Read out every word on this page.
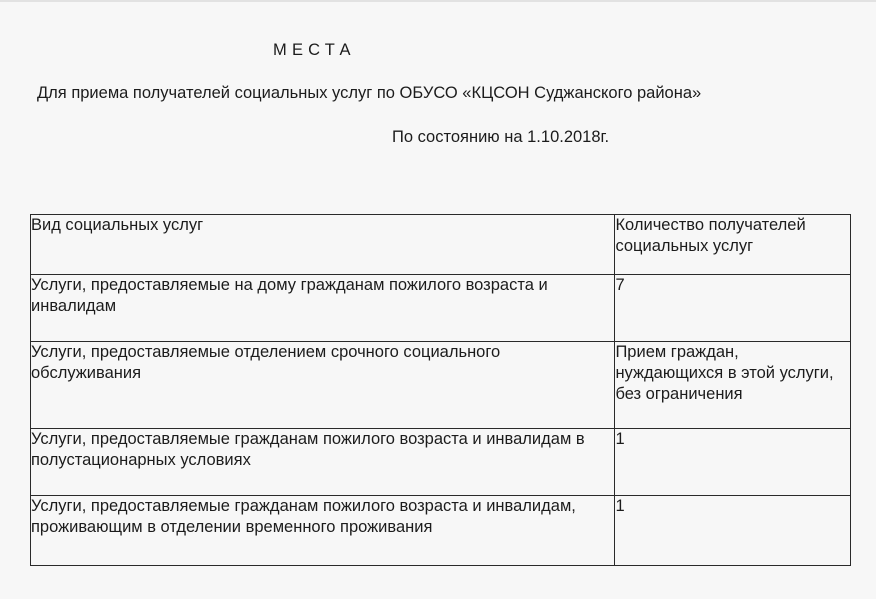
МЕСТА
Для приема получателей социальных услуг по ОБУСО «КЦСОН Суджанского района»
По состоянию на 1.10.2018г.
Вид социальных услуг	Количество получателей социальных услуг
Услуги, предоставляемые на дому гражданам пожилого возраста и инвалидам	7
Услуги, предоставляемые отделением срочного социального обслуживания	Прием граждан, нуждающихся в этой услуги, без ограничения
Услуги, предоставляемые гражданам пожилого возраста и инвалидам в полустационарных условиях	1
Услуги, предоставляемые гражданам пожилого возраста и инвалидам, проживающим в отделении временного проживания	1
